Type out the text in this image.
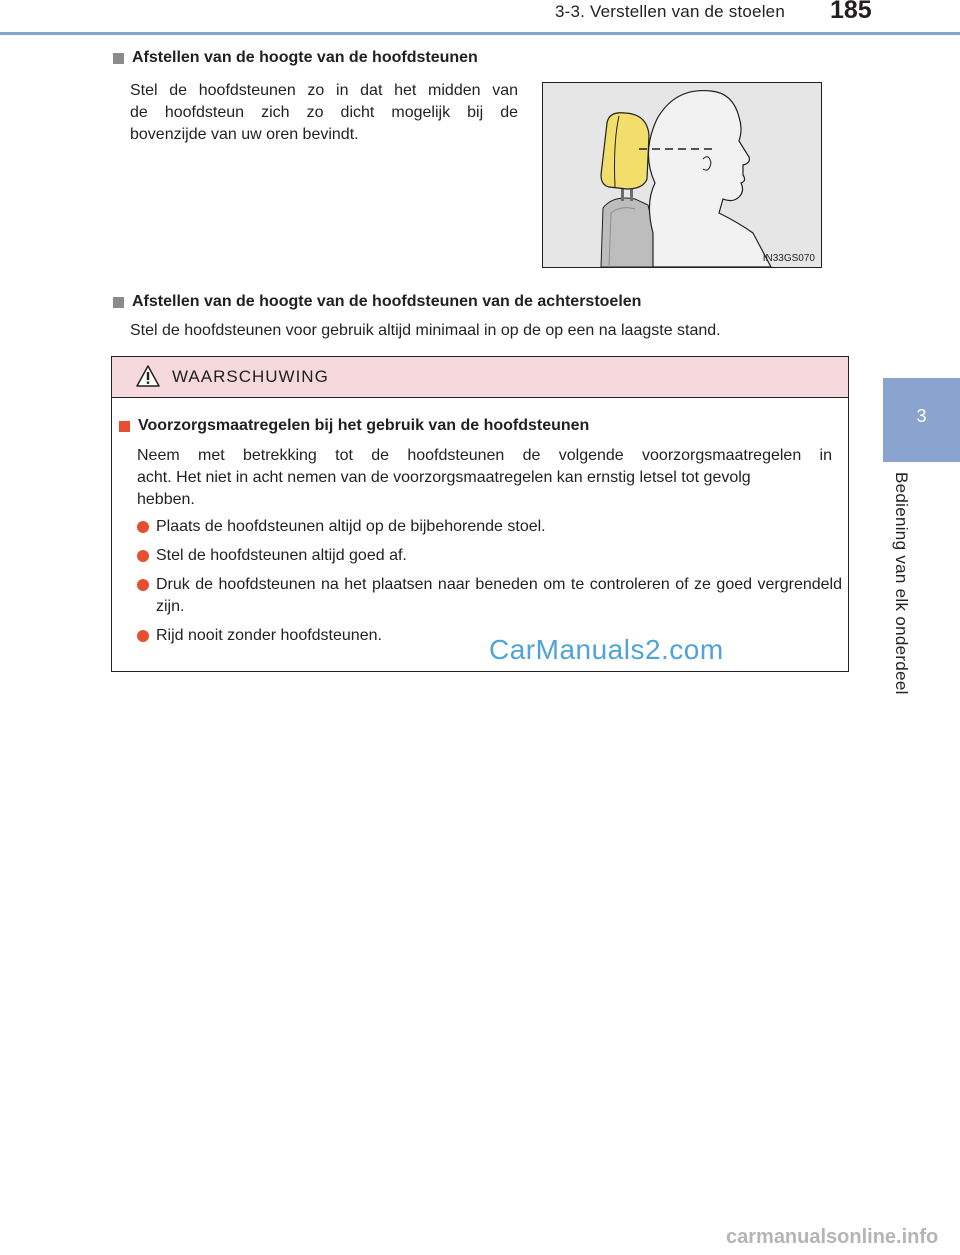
3-3. Verstellen van de stoelen 185
3
Bediening van elk onderdeel
Afstellen van de hoogte van de hoofdsteunen
Stel de hoofdsteunen zo in dat het midden van
de hoofdsteun zich zo dicht mogelijk bij de
bovenzijde van uw oren bevindt.
IN33GS070
Afstellen van de hoogte van de hoofdsteunen van de achterstoelen
Stel de hoofdsteunen voor gebruik altijd minimaal in op de op een na laagste stand.
WAARSCHUWING
Voorzorgsmaatregelen bij het gebruik van de hoofdsteunen
Neem met betrekking tot de hoofdsteunen de volgende voorzorgsmaatregelen in
acht. Het niet in acht nemen van de voorzorgsmaatregelen kan ernstig letsel tot gevolg
hebben.
Plaats de hoofdsteunen altijd op de bijbehorende stoel.
Stel de hoofdsteunen altijd goed af.
Druk de hoofdsteunen na het plaatsen naar beneden om te controleren of ze goed vergrendeld zijn.
Rijd nooit zonder hoofdsteunen.	CarManuals2.com
carmanualsonline.info
